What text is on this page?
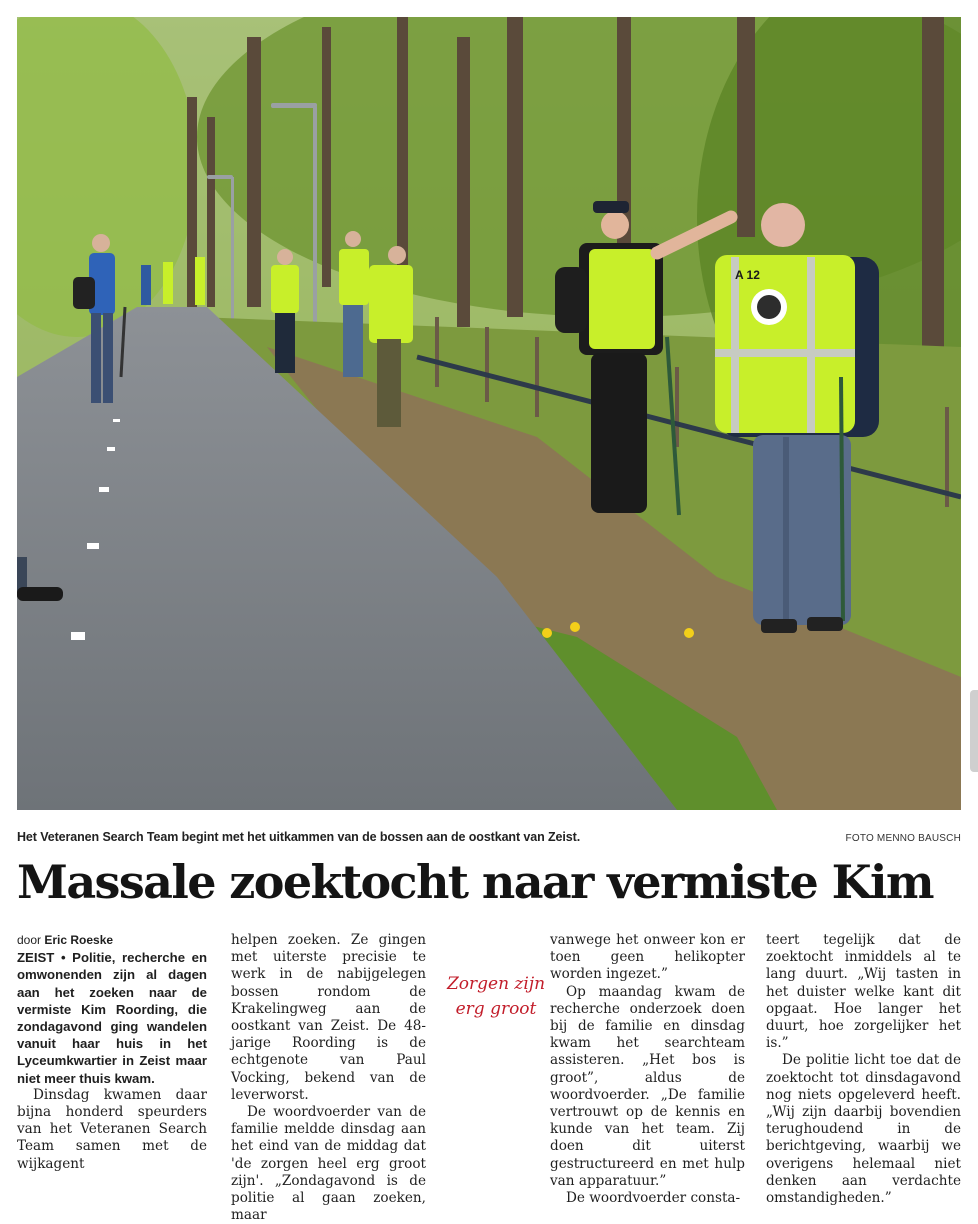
A 12
Het Veteranen Search Team begint met het uitkammen van de bossen aan de oostkant van Zeist.	FOTO MENNO BAUSCH
Massale zoektocht naar vermiste Kim

door Eric Roeske

ZEIST • Politie, recherche en omwonenden zijn al dagen aan het zoeken naar de vermiste Kim Roording, die zondagavond ging wandelen vanuit haar huis in het Lyceumkwartier in Zeist maar niet meer thuis kwam.

Dinsdag kwamen daar bijna honderd speurders van het Veteranen Search Team samen met de wijkagent

helpen zoeken. Ze gingen met uiterste precisie te werk in de nabijgelegen bossen rondom de Krakelingweg aan de oostkant van Zeist. De 48-jarige Roording is de echtgenote van Paul Vocking, bekend van de leverworst.

De woordvoerder van de familie meldde dinsdag aan het eind van de middag dat 'de zorgen heel erg groot zijn'. „Zondagavond is de politie al gaan zoeken, maar

Zorgen zijn erg groot

vanwege het onweer kon er toen geen helikopter worden ingezet.”

Op maandag kwam de recherche onderzoek doen bij de familie en dinsdag kwam het searchteam assisteren. „Het bos is groot”, aldus de woordvoerder. „De familie vertrouwt op de kennis en kunde van het team. Zij doen dit uiterst gestructureerd en met hulp van apparatuur.”

De woordvoerder consta-

teert tegelijk dat de zoektocht inmiddels al te lang duurt. „Wij tasten in het duister welke kant dit opgaat. Hoe langer het duurt, hoe zorgelijker het is.”

De politie licht toe dat de zoektocht tot dinsdagavond nog niets opgeleverd heeft. „Wij zijn daarbij bovendien terughoudend in de berichtgeving, waarbij we overigens helemaal niet denken aan verdachte omstandigheden.”
